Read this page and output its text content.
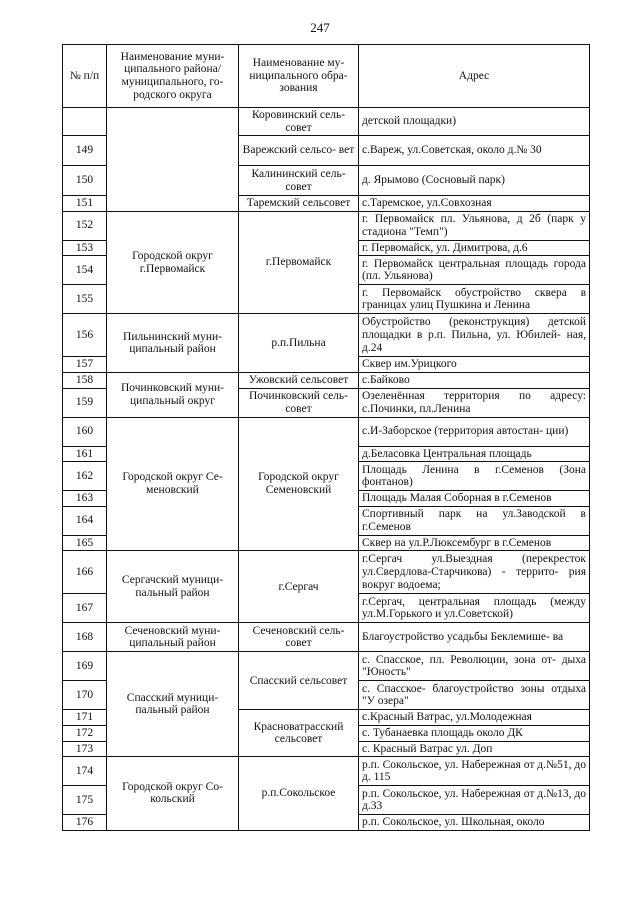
247
№ п/п	Наименование муни- ципального района/ муниципального, го- родского округа	Наименование му- ниципального обра- зования	Адрес
		Коровинский сель- совет	детской площадки)
149		Варежский сельсо- вет	с.Вареж, ул.Советская, около д.№ 30
150		Калининский сель- совет	д. Ярымово (Сосновый парк)
151		Таремский сельсовет	с.Таремское, ул.Совхозная
152	Городской округ г.Первомайск	г.Первомайск	г. Первомайск пл. Ульянова, д 2б (парк у стадиона "Темп")
153			г. Первомайск, ул. Димитрова, д.6
154			г. Первомайск центральная площадь города (пл. Ульянова)
155			г. Первомайск обустройство сквера в границах улиц Пушкина и Ленина
156	Пильнинский муни- ципальный район	р.п.Пильна	Обустройство (реконструкция) детской площадки в р.п. Пильна, ул. Юбилей- ная, д.24
157			Сквер им.Урицкого
158	Починковский муни- ципальный округ	Ужовский сельсовет	с.Байково
159		Починковский сель- совет	Озеленённая территория по адресу: с.Починки, пл.Ленина
160	Городской округ Се- меновский	Городской округ Семеновский	с.И-Заборское (территория автостан- ции)
161			д.Беласовка Центральная площадь
162			Площадь Ленина в г.Семенов (Зона фонтанов)
163			Площадь Малая Соборная в г.Семенов
164			Спортивный парк на ул.Заводской в г.Семенов
165			Сквер на ул.Р.Люксембург в г.Семенов
166	Сергачский муници- пальный район	г.Сергач	г.Сергач ул.Выездная (перекресток ул.Свердлова-Старчикова) - террито- рия вокруг водоема;
167			г.Сергач, центральная площадь (между ул.М.Горького и ул.Советской)
168	Сеченовский муни- ципальный район	Сеченовский сель- совет	Благоустройство усадьбы Беклемише- ва
169	Спасский муници- пальный район	Спасский сельсовет	с. Спасское, пл. Революции, зона от- дыха "Юность"
170			с. Спасское- благоустройство зоны отдыха "У озера"
171		Красноватрасский сельсовет	с.Красный Ватрас, ул.Молодежная
172			с. Тубанаевка площадь около ДК
173			с. Красный Ватрас ул. Доп
174	Городской округ Со- кольский	р.п.Сокольское	р.п. Сокольское, ул. Набережная от д.№51, до д. 115
175			р.п. Сокольское, ул. Набережная от д.№13, до д.33
176			р.п. Сокольское, ул. Школьная, около
